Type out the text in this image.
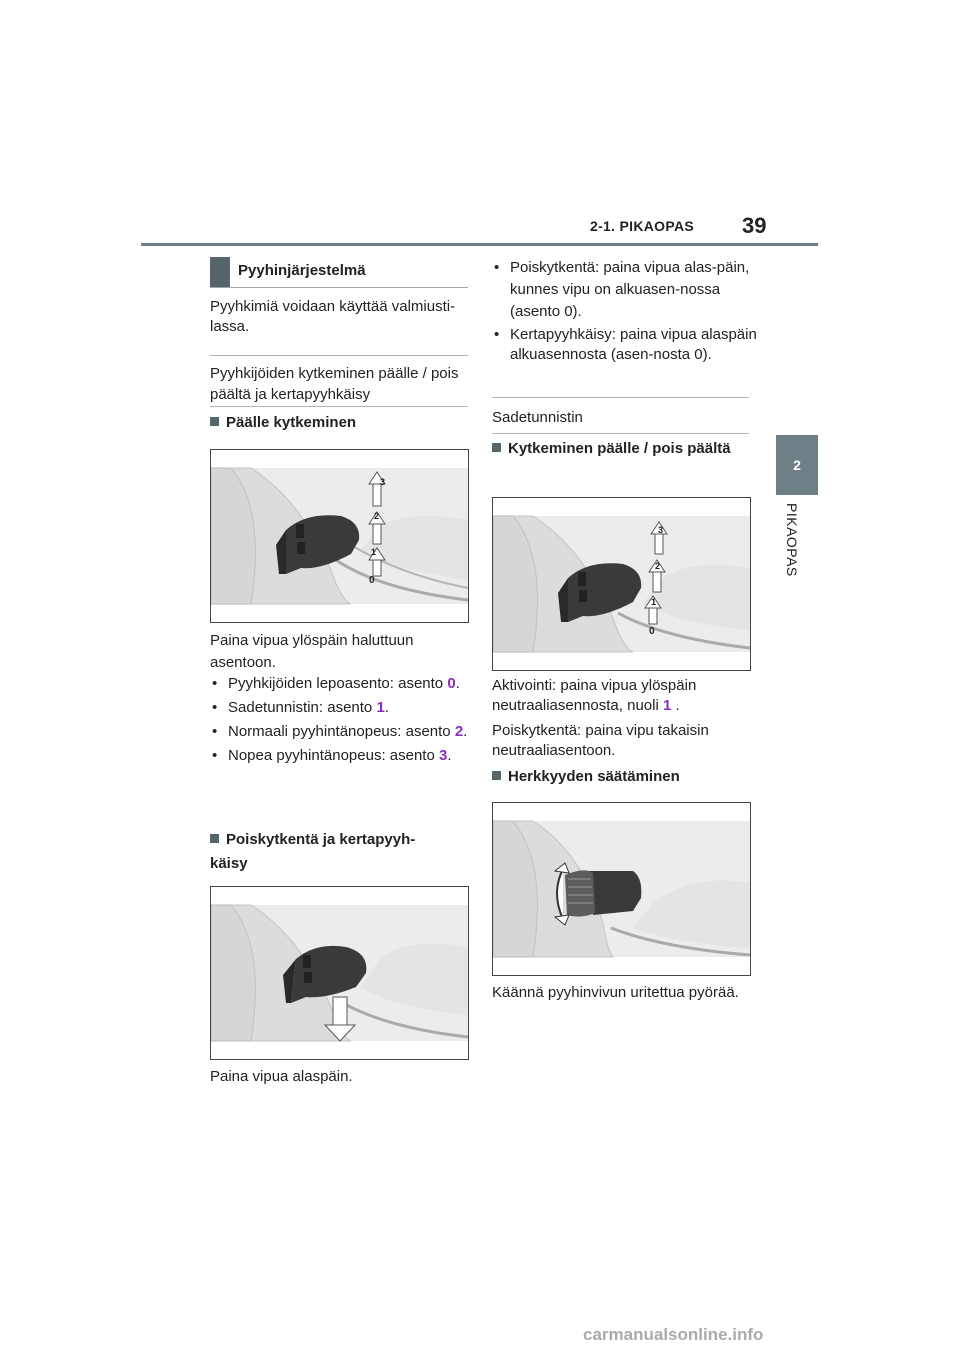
2-1. PIKAOPAS 39
2
PIKAOPAS
Pyyhinjärjestelmä
Pyyhkimiä voidaan käyttää valmiusti-lassa.
Pyyhkijöiden kytkeminen päälle / pois päältä ja kertapyyhkäisy
Päälle kytkeminen
3
2
1
0
Paina vipua ylöspäin haluttuun asentoon.
• Pyyhkijöiden lepoasento: asento 0.
• Sadetunnistin: asento 1.
• Normaali pyyhintänopeus: asento 2.
• Nopea pyyhintänopeus: asento 3.
Poiskytkentä ja kertapyyh-käisy
Paina vipua alaspäin.
• Poiskytkentä: paina vipua alas-päin, kunnes vipu on alkuasen-nossa (asento 0).
• Kertapyyhkäisy: paina vipua alaspäin alkuasennosta (asen-nosta 0).
Sadetunnistin
Kytkeminen päälle / pois päältä
3
2
1
0
Aktivointi: paina vipua ylöspäin neutraaliasennosta, nuoli 1 .
Poiskytkentä: paina vipu takaisin neutraaliasentoon.
Herkkyyden säätäminen
Käännä pyyhinvivun uritettua pyörää.
carmanualsonline.info
